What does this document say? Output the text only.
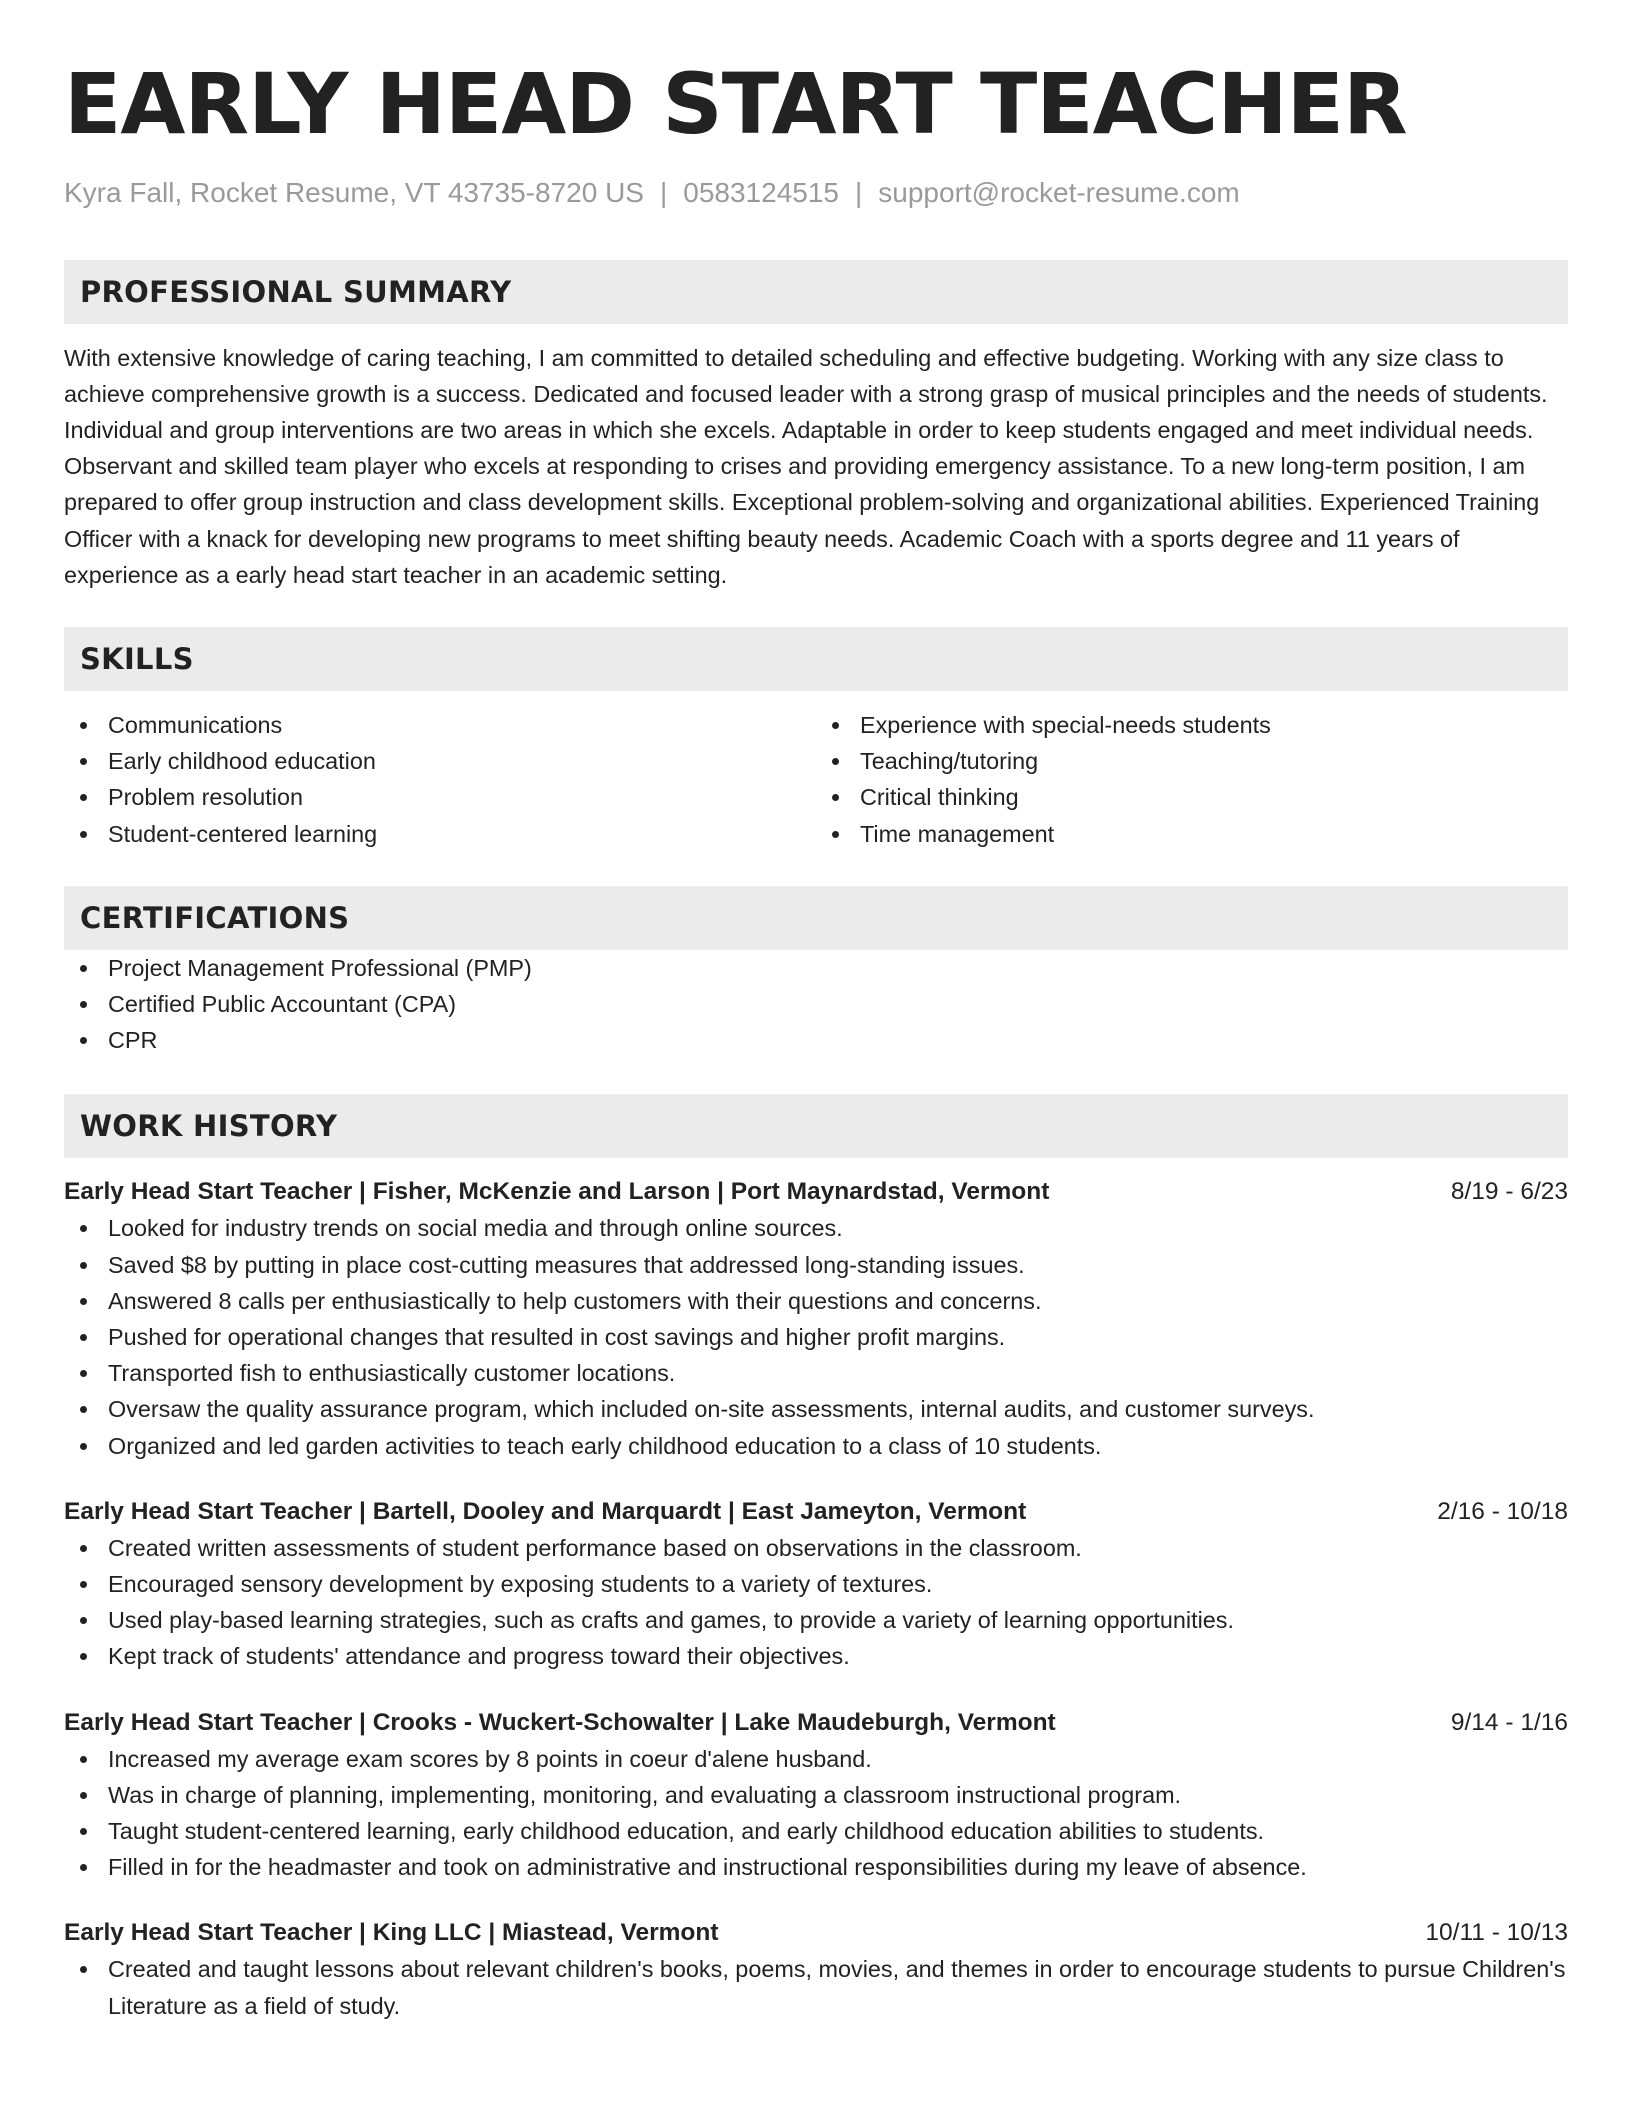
EARLY HEAD START TEACHER
Kyra Fall, Rocket Resume, VT 43735-8720 US | 0583124515 | support@rocket-resume.com
PROFESSIONAL SUMMARY
With extensive knowledge of caring teaching, I am committed to detailed scheduling and effective budgeting. Working with any size class to achieve comprehensive growth is a success. Dedicated and focused leader with a strong grasp of musical principles and the needs of students. Individual and group interventions are two areas in which she excels. Adaptable in order to keep students engaged and meet individual needs. Observant and skilled team player who excels at responding to crises and providing emergency assistance. To a new long-term position, I am prepared to offer group instruction and class development skills. Exceptional problem-solving and organizational abilities. Experienced Training Officer with a knack for developing new programs to meet shifting beauty needs. Academic Coach with a sports degree and 11 years of experience as a early head start teacher in an academic setting.
SKILLS
Communications
Early childhood education
Problem resolution
Student-centered learning
Experience with special-needs students
Teaching/tutoring
Critical thinking
Time management
CERTIFICATIONS
Project Management Professional (PMP)
Certified Public Accountant (CPA)
CPR
WORK HISTORY
Early Head Start Teacher | Fisher, McKenzie and Larson | Port Maynardstad, Vermont	8/19 - 6/23
Looked for industry trends on social media and through online sources.
Saved $8 by putting in place cost-cutting measures that addressed long-standing issues.
Answered 8 calls per enthusiastically to help customers with their questions and concerns.
Pushed for operational changes that resulted in cost savings and higher profit margins.
Transported fish to enthusiastically customer locations.
Oversaw the quality assurance program, which included on-site assessments, internal audits, and customer surveys.
Organized and led garden activities to teach early childhood education to a class of 10 students.
Early Head Start Teacher | Bartell, Dooley and Marquardt | East Jameyton, Vermont	2/16 - 10/18
Created written assessments of student performance based on observations in the classroom.
Encouraged sensory development by exposing students to a variety of textures.
Used play-based learning strategies, such as crafts and games, to provide a variety of learning opportunities.
Kept track of students' attendance and progress toward their objectives.
Early Head Start Teacher | Crooks - Wuckert-Schowalter | Lake Maudeburgh, Vermont	9/14 - 1/16
Increased my average exam scores by 8 points in coeur d'alene husband.
Was in charge of planning, implementing, monitoring, and evaluating a classroom instructional program.
Taught student-centered learning, early childhood education, and early childhood education abilities to students.
Filled in for the headmaster and took on administrative and instructional responsibilities during my leave of absence.
Early Head Start Teacher | King LLC | Miastead, Vermont	10/11 - 10/13
Created and taught lessons about relevant children's books, poems, movies, and themes in order to encourage students to pursue Children's Literature as a field of study.
